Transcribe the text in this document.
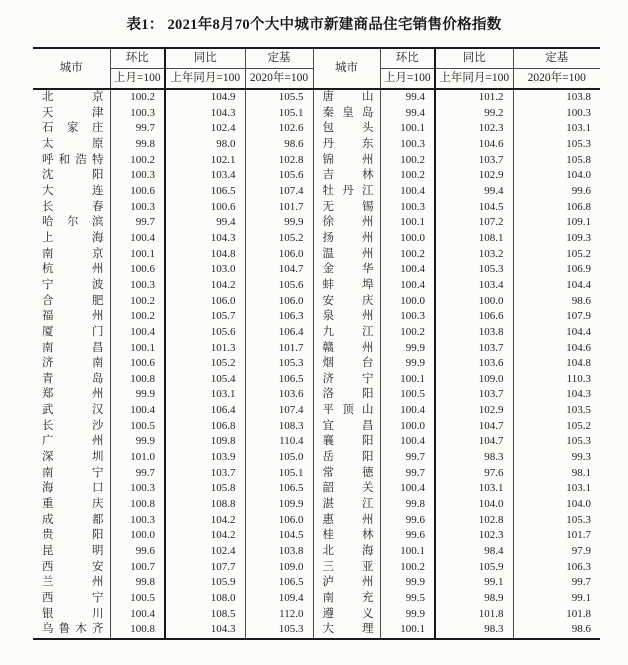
表1： 2021年8月70个大中城市新建商品住宅销售价格指数
城市	环比	同比	定基	城市	环比	同比	定基
	上月=100	上年同月=100	2020年=100		上月=100	上年同月=100	2020年=100

北 京	100.2	104.9	105.5	唐 山	99.4	101.2	103.8

天 津	100.3	104.3	105.1	秦 皇 岛	99.4	99.2	100.3

石 家 庄	99.7	102.4	102.6	包 头	100.1	102.3	103.1

太 原	99.8	98.0	98.6	丹 东	100.3	104.6	105.3

呼 和 浩 特	100.2	102.1	102.8	锦 州	100.2	103.7	105.8

沈 阳	100.3	103.4	105.6	吉 林	100.2	102.9	104.0

大 连	100.6	106.5	107.4	牡 丹 江	100.4	99.4	99.6

长 春	100.3	100.6	101.7	无 锡	100.3	104.5	106.8

哈 尔 滨	99.7	99.4	99.9	徐 州	100.1	107.2	109.1

上 海	100.4	104.3	105.2	扬 州	100.0	108.1	109.3

南 京	100.1	104.8	106.0	温 州	100.2	103.2	105.2

杭 州	100.6	103.0	104.7	金 华	100.4	105.3	106.9

宁 波	100.3	104.2	105.6	蚌 埠	100.4	103.4	104.4

合 肥	100.2	106.0	106.0	安 庆	100.0	100.0	98.6

福 州	100.2	105.7	106.3	泉 州	100.3	106.6	107.9

厦 门	100.4	105.6	106.4	九 江	100.2	103.8	104.4

南 昌	100.1	101.3	101.7	赣 州	99.9	103.7	104.6

济 南	100.6	105.2	105.3	烟 台	99.9	103.6	104.8

青 岛	100.8	105.4	106.5	济 宁	100.1	109.0	110.3

郑 州	99.9	103.1	103.6	洛 阳	100.5	103.7	104.3

武 汉	100.4	106.4	107.4	平 顶 山	100.4	102.9	103.5

长 沙	100.5	106.8	108.3	宜 昌	100.0	104.7	105.2

广 州	99.9	109.8	110.4	襄 阳	100.4	104.7	105.3

深 圳	101.0	103.9	105.0	岳 阳	99.7	98.3	99.3

南 宁	99.7	103.7	105.1	常 德	99.7	97.6	98.1

海 口	100.3	105.8	106.5	韶 关	100.4	103.1	103.1

重 庆	100.8	108.8	109.9	湛 江	99.8	104.0	104.0

成 都	100.3	104.2	106.0	惠 州	99.6	102.8	105.3

贵 阳	100.0	104.2	104.5	桂 林	99.6	102.3	101.7

昆 明	99.6	102.4	103.8	北 海	100.1	98.4	97.9

西 安	100.7	107.7	109.0	三 亚	100.2	105.9	106.3

兰 州	99.8	105.9	106.5	泸 州	99.9	99.1	99.7

西 宁	100.5	108.0	109.4	南 充	99.5	98.9	99.1

银 川	100.4	108.5	112.0	遵 义	99.9	101.8	101.8

乌 鲁 木 齐	100.8	104.3	105.3	大 理	100.1	98.3	98.6
